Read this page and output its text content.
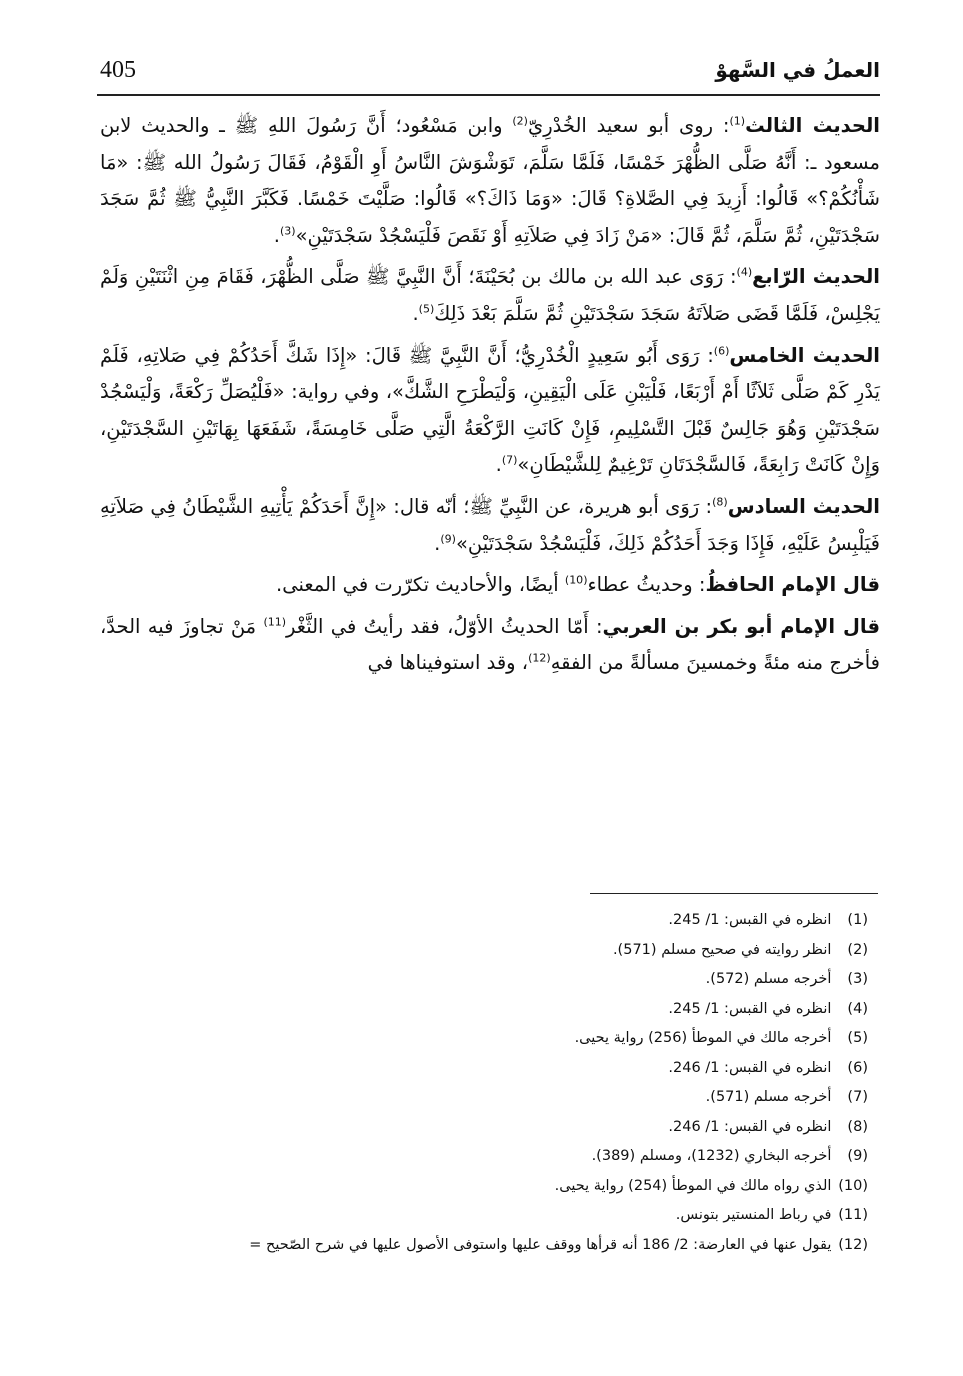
405	العملُ في السَّهوْ

الحديث الثالث$^{(1)}$: روى أبو سعيد الخُدْرِيّ$^{(2)}$ وابن مَسْعُود؛ أَنَّ رَسُولَ اللهِ ﷺ ـ والحديث لابن مسعود ـ: أَنَّهُ صَلَّى الظُّهْرَ خَمْسًا، فَلَمَّا سَلَّمَ، تَوَشْوَشَ النَّاسُ أَوِ الْقَوْمُ، فَقَالَ رَسُولُ الله ﷺ: «مَا شَأْنُكُمْ؟» قَالُوا: أَزِيدَ فِي الصَّلاةِ؟ قَالَ: «وَمَا ذَاكَ؟» قَالُوا: صَلَّيْتَ خَمْسًا. فَكَبَّرَ النَّبِيُّ ﷺ ثُمَّ سَجَدَ سَجْدَتَيْنِ، ثُمَّ سَلَّمَ، ثُمَّ قَالَ: «مَنْ زَادَ فِي صَلاَتِهِ أَوْ نَقَصَ فَلْيَسْجُدْ سَجْدَتَيْنِ»$^{(3)}$.

الحديث الرّابع$^{(4)}$: رَوَى عبد الله بن مالك بن بُحَيْنَةَ؛ أَنَّ النَّبِيَّ ﷺ صَلَّى الظُّهْرَ، فَقَامَ مِنِ اثْنَتَيْنِ وَلَمْ يَجْلِسْ، فَلَمَّا قَضَى صَلاَتَهُ سَجَدَ سَجْدَتَيْنِ ثُمَّ سَلَّمَ بَعْدَ ذَلِكَ$^{(5)}$.

الحديث الخامس$^{(6)}$: رَوَى أَبُو سَعِيدٍ الْخُدْرِيُّ؛ أَنَّ النَّبِيَّ ﷺ قَالَ: «إِذَا شَكَّ أَحَدُكُمْ فِي صَلاتِهِ، فَلَمْ يَدْرِ كَمْ صَلَّى ثَلاَثًا أَمْ أَرْبَعًا، فَلْيَبْنِ عَلَى الْيَقِينِ، وَلْيَطْرَحِ الشَّكَّ»، وفي رواية: «فَلْيُصَلِّ رَكْعَةً، وَلْيَسْجُدْ سَجْدَتَيْنِ وَهُوَ جَالِسٌ قَبْلَ التَّسْلِيمِ، فَإِنْ كَانَتِ الرَّكْعَةُ الَّتِي صَلَّى خَامِسَةً، شَفَعَهَا بِهَاتَيْنِ السَّجْدَتَيْنِ، وَإِنْ كَانَتْ رَابِعَةً، فَالسَّجْدَتَانِ تَرْغِيمٌ لِلشَّيْطَانِ»$^{(7)}$.

الحديث السادس$^{(8)}$: رَوَى أبو هريرة، عن النَّبِيِّ ﷺ؛ أنّه قال: «إِنَّ أَحَدَكُمْ يَأْتِيهِ الشَّيْطَانُ فِي صَلاَتِهِ فَيَلْبِسُ عَلَيْهِ، فَإِذَا وَجَدَ أَحَدُكُمْ ذَلِكَ، فَلْيَسْجُدْ سَجْدَتَيْنِ»$^{(9)}$.

قال الإمام الحافظُ: وحديثُ عطاء$^{(10)}$ أيضًا، والأحاديث تكرّرت في المعنى.

قال الإمام أبو بكر بن العربي: أَمّا الحديثُ الأوّلُ، فقد رأيتُ في الثَّغْر$^{(11)}$ مَنْ تجاوزَ فيه الحدَّ، فأخرج منه مئةً وخمسينَ مسألةً من الفقهِ$^{(12)}$، وقد استوفيناها في

(1) انظره في القبس: 1/ 245.
(2) انظر روايته في صحيح مسلم (571).
(3) أخرجه مسلم (572).
(4) انظره في القبس: 1/ 245.
(5) أخرجه مالك في الموطأ (256) رواية يحيى.
(6) انظره في القبس: 1/ 246.
(7) أخرجه مسلم (571).
(8) انظره في القبس: 1/ 246.
(9) أخرجه البخاري (1232)، ومسلم (389).
(10) الذي رواه مالك في الموطأ (254) رواية يحيى.
(11) في رباط المنستير بتونس.
(12) يقول عنها في العارضة: 2/ 186 أنه قرأها ووقف عليها واستوفى الأصول عليها في شرح الصّحيح =
